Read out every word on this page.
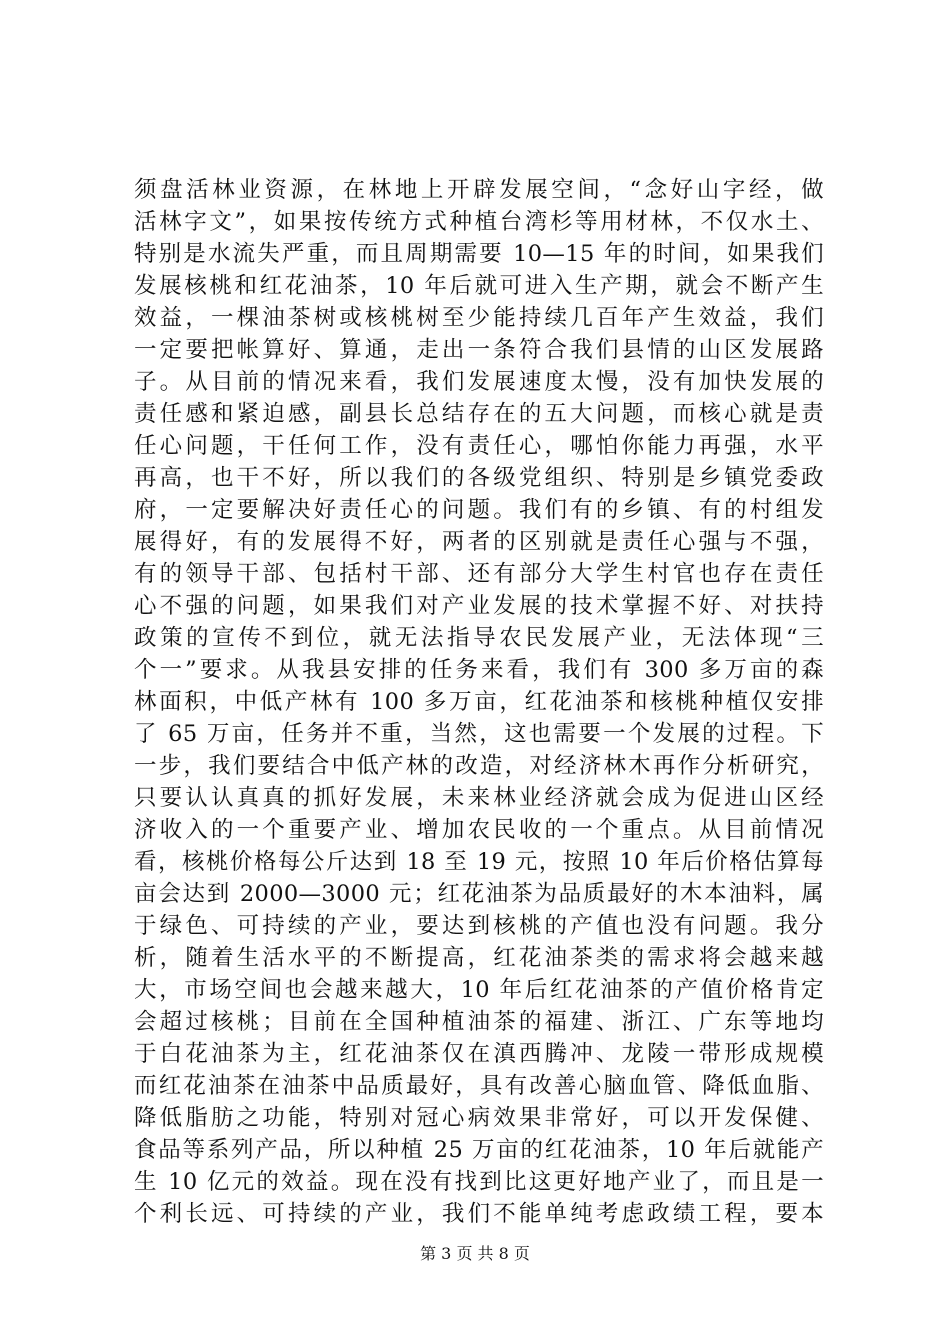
须盘活林业资源，在林地上开辟发展空间，“念好山字经，做
活林字文”，如果按传统方式种植台湾杉等用材林，不仅水土、
特别是水流失严重，而且周期需要 10—15 年的时间，如果我们
发展核桃和红花油茶，10 年后就可进入生产期，就会不断产生
效益，一棵油茶树或核桃树至少能持续几百年产生效益，我们
一定要把帐算好、算通，走出一条符合我们县情的山区发展路
子。从目前的情况来看，我们发展速度太慢，没有加快发展的
责任感和紧迫感，副县长总结存在的五大问题，而核心就是责
任心问题，干任何工作，没有责任心，哪怕你能力再强，水平
再高，也干不好，所以我们的各级党组织、特别是乡镇党委政
府，一定要解决好责任心的问题。我们有的乡镇、有的村组发
展得好，有的发展得不好，两者的区别就是责任心强与不强，
有的领导干部、包括村干部、还有部分大学生村官也存在责任
心不强的问题，如果我们对产业发展的技术掌握不好、对扶持
政策的宣传不到位，就无法指导农民发展产业，无法体现“三
个一”要求。从我县安排的任务来看，我们有 300 多万亩的森
林面积，中低产林有 100 多万亩，红花油茶和核桃种植仅安排
了 65 万亩，任务并不重，当然，这也需要一个发展的过程。下
一步，我们要结合中低产林的改造，对经济林木再作分析研究，
只要认认真真的抓好发展，未来林业经济就会成为促进山区经
济收入的一个重要产业、增加农民收的一个重点。从目前情况
看，核桃价格每公斤达到 18 至 19 元，按照 10 年后价格估算每
亩会达到 2000—3000 元；红花油茶为品质最好的木本油料，属
于绿色、可持续的产业，要达到核桃的产值也没有问题。我分
析，随着生活水平的不断提高，红花油茶类的需求将会越来越
大，市场空间也会越来越大，10 年后红花油茶的产值价格肯定
会超过核桃；目前在全国种植油茶的福建、浙江、广东等地均
于白花油茶为主，红花油茶仅在滇西腾冲、龙陵一带形成规模
而红花油茶在油茶中品质最好，具有改善心脑血管、降低血脂、
降低脂肪之功能，特别对冠心病效果非常好，可以开发保健、
食品等系列产品，所以种植 25 万亩的红花油茶，10 年后就能产
生 10 亿元的效益。现在没有找到比这更好地产业了，而且是一
个利长远、可持续的产业，我们不能单纯考虑政绩工程，要本
第 3 页 共 8 页
